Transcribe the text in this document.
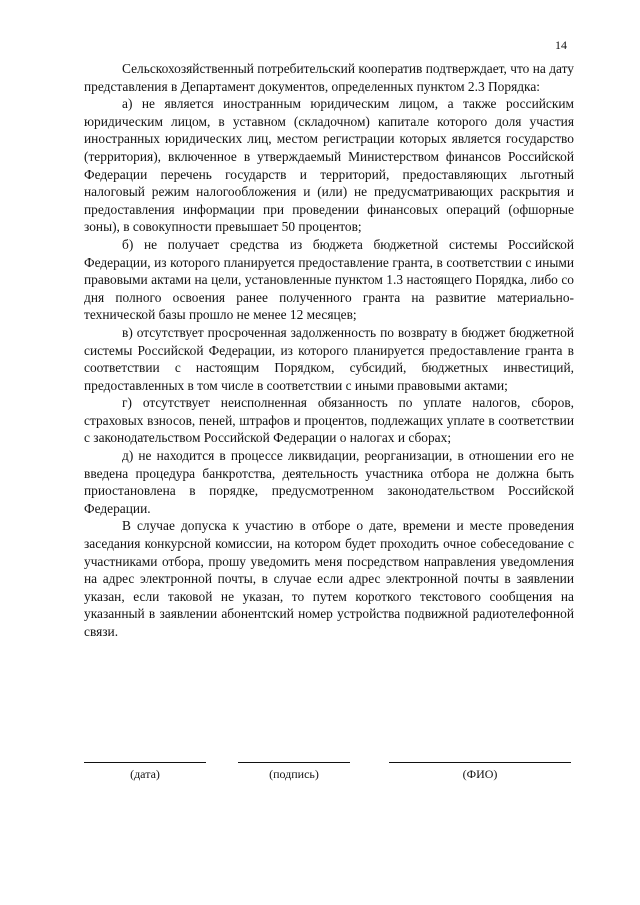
14

Сельскохозяйственный потребительский кооператив подтверждает, что на дату представления в Департамент документов, определенных пунктом 2.3 Порядка:

а) не является иностранным юридическим лицом, а также российским юридическим лицом, в уставном (складочном) капитале которого доля участия иностранных юридических лиц, местом регистрации которых является государство (территория), включенное в утверждаемый Министерством финансов Российской Федерации перечень государств и территорий, предоставляющих льготный налоговый режим налогообложения и (или) не предусматривающих раскрытия и предоставления информации при проведении финансовых операций (офшорные зоны), в совокупности превышает 50 процентов;

б) не получает средства из бюджета бюджетной системы Российской Федерации, из которого планируется предоставление гранта, в соответствии с иными правовыми актами на цели, установленные пунктом 1.3 настоящего Порядка, либо со дня полного освоения ранее полученного гранта на развитие материально-технической базы прошло не менее 12 месяцев;

в) отсутствует просроченная задолженность по возврату в бюджет бюджетной системы Российской Федерации, из которого планируется предоставление гранта в соответствии с настоящим Порядком, субсидий, бюджетных инвестиций, предоставленных в том числе в соответствии с иными правовыми актами;

г) отсутствует неисполненная обязанность по уплате налогов, сборов, страховых взносов, пеней, штрафов и процентов, подлежащих уплате в соответствии с законодательством Российской Федерации о налогах и сборах;

д) не находится в процессе ликвидации, реорганизации, в отношении его не введена процедура банкротства, деятельность участника отбора не должна быть приостановлена в порядке, предусмотренном законодательством Российской Федерации.

В случае допуска к участию в отборе о дате, времени и месте проведения заседания конкурсной комиссии, на котором будет проходить очное собеседование с участниками отбора, прошу уведомить меня посредством направления уведомления на адрес электронной почты, в случае если адрес электронной почты в заявлении указан, если таковой не указан, то путем короткого текстового сообщения на указанный в заявлении абонентский номер устройства подвижной радиотелефонной связи.

(дата)	(подпись)	(ФИО)
